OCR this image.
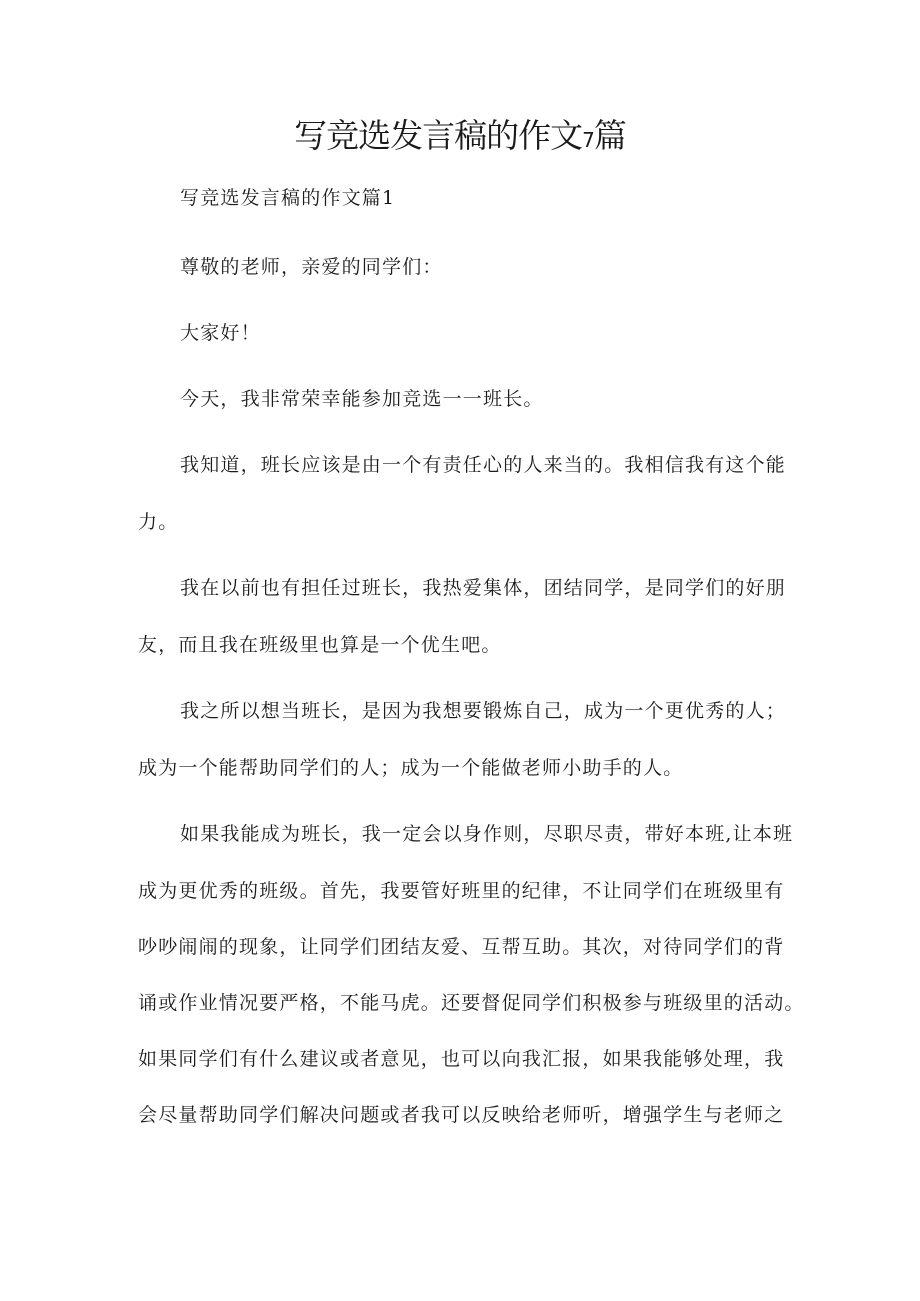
写竞选发言稿的作文7篇

写竞选发言稿的作文篇1

尊敬的老师，亲爱的同学们：

大家好！

今天，我非常荣幸能参加竞选一一班长。

我知道，班长应该是由一个有责任心的人来当的。我相信我有这个能

力。

我在以前也有担任过班长，我热爱集体，团结同学，是同学们的好朋

友，而且我在班级里也算是一个优生吧。

我之所以想当班长，是因为我想要锻炼自己，成为一个更优秀的人；

成为一个能帮助同学们的人；成为一个能做老师小助手的人。

如果我能成为班长，我一定会以身作则，尽职尽责，带好本班,让本班

成为更优秀的班级。首先，我要管好班里的纪律，不让同学们在班级里有

吵吵闹闹的现象，让同学们团结友爱、互帮互助。其次，对待同学们的背

诵或作业情况要严格，不能马虎。还要督促同学们积极参与班级里的活动。

如果同学们有什么建议或者意见，也可以向我汇报，如果我能够处理，我

会尽量帮助同学们解决问题或者我可以反映给老师听，增强学生与老师之
